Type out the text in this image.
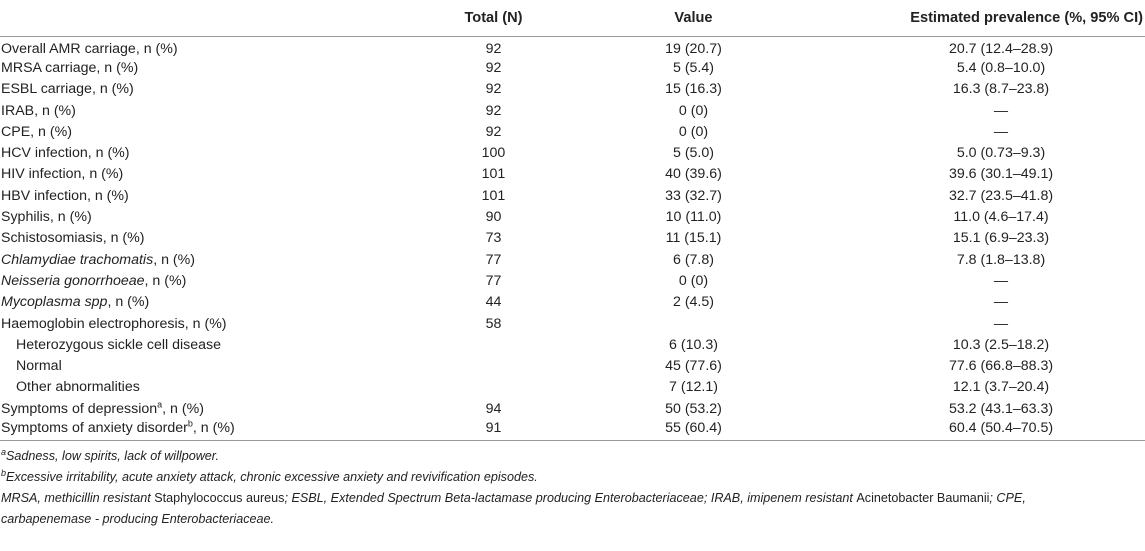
	Total (N)	Value	Estimated prevalence (%, 95% CI)
Overall AMR carriage, n (%)	92	19 (20.7)	20.7 (12.4–28.9)
MRSA carriage, n (%)	92	5 (5.4)	5.4 (0.8–10.0)
ESBL carriage, n (%)	92	15 (16.3)	16.3 (8.7–23.8)
IRAB, n (%)	92	0 (0)	—
CPE, n (%)	92	0 (0)	—
HCV infection, n (%)	100	5 (5.0)	5.0 (0.73–9.3)
HIV infection, n (%)	101	40 (39.6)	39.6 (30.1–49.1)
HBV infection, n (%)	101	33 (32.7)	32.7 (23.5–41.8)
Syphilis, n (%)	90	10 (11.0)	11.0 (4.6–17.4)
Schistosomiasis, n (%)	73	11 (15.1)	15.1 (6.9–23.3)
Chlamydiae trachomatis, n (%)	77	6 (7.8)	7.8 (1.8–13.8)
Neisseria gonorrhoeae, n (%)	77	0 (0)	—
Mycoplasma spp, n (%)	44	2 (4.5)	—
Haemoglobin electrophoresis, n (%)	58		—
Heterozygous sickle cell disease		6 (10.3)	10.3 (2.5–18.2)
Normal		45 (77.6)	77.6 (66.8–88.3)
Other abnormalities		7 (12.1)	12.1 (3.7–20.4)
Symptoms of depression$^a$, n (%)	94	50 (53.2)	53.2 (43.1–63.3)
Symptoms of anxiety disorder$^b$, n (%)	91	55 (60.4)	60.4 (50.4–70.5)
$^a$Sadness, low spirits, lack of willpower.
$^b$Excessive irritability, acute anxiety attack, chronic excessive anxiety and revivification episodes.
MRSA, methicillin resistant Staphylococcus aureus; ESBL, Extended Spectrum Beta-lactamase producing Enterobacteriaceae; IRAB, imipenem resistant Acinetobacter Baumanii; CPE,
carbapenemase - producing Enterobacteriaceae.
